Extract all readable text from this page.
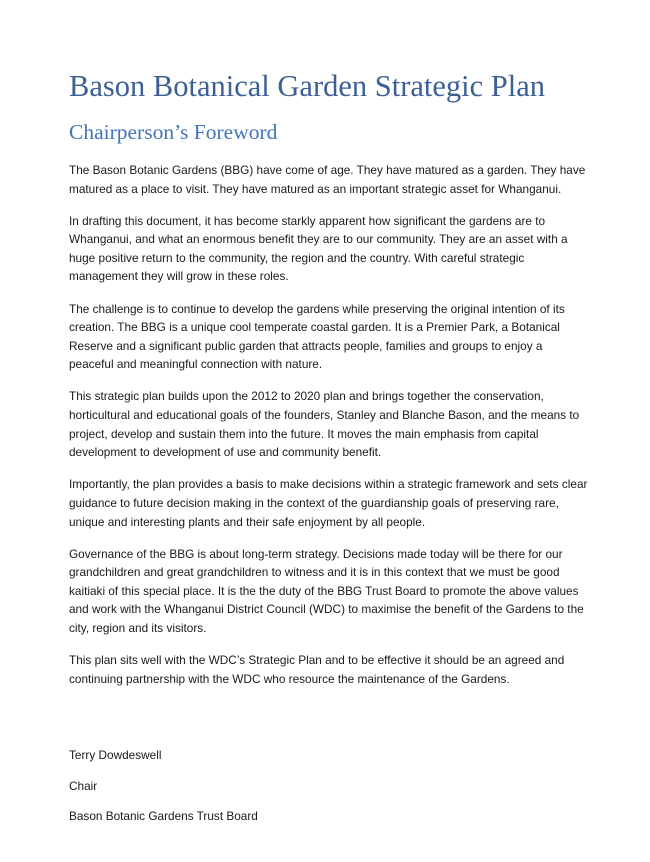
Bason Botanical Garden Strategic Plan
Chairperson’s Foreword

The Bason Botanic Gardens (BBG) have come of age. They have matured as a garden. They have matured as a place to visit. They have matured as an important strategic asset for Whanganui.

In drafting this document, it has become starkly apparent how significant the gardens are to Whanganui, and what an enormous benefit they are to our community. They are an asset with a huge positive return to the community, the region and the country. With careful strategic management they will grow in these roles.

The challenge is to continue to develop the gardens while preserving the original intention of its creation. The BBG is a unique cool temperate coastal garden. It is a Premier Park, a Botanical Reserve and a significant public garden that attracts people, families and groups to enjoy a peaceful and meaningful connection with nature.

This strategic plan builds upon the 2012 to 2020 plan and brings together the conservation, horticultural and educational goals of the founders, Stanley and Blanche Bason, and the means to project, develop and sustain them into the future. It moves the main emphasis from capital development to development of use and community benefit.

Importantly, the plan provides a basis to make decisions within a strategic framework and sets clear guidance to future decision making in the context of the guardianship goals of preserving rare, unique and interesting plants and their safe enjoyment by all people.

Governance of the BBG is about long-term strategy. Decisions made today will be there for our grandchildren and great grandchildren to witness and it is in this context that we must be good kaitiaki of this special place. It is the the duty of the BBG Trust Board to promote the above values and work with the Whanganui District Council (WDC) to maximise the benefit of the Gardens to the city, region and its visitors.

This plan sits well with the WDC’s Strategic Plan and to be effective it should be an agreed and continuing partnership with the WDC who resource the maintenance of the Gardens.

Terry Dowdeswell

Chair

Bason Botanic Gardens Trust Board
